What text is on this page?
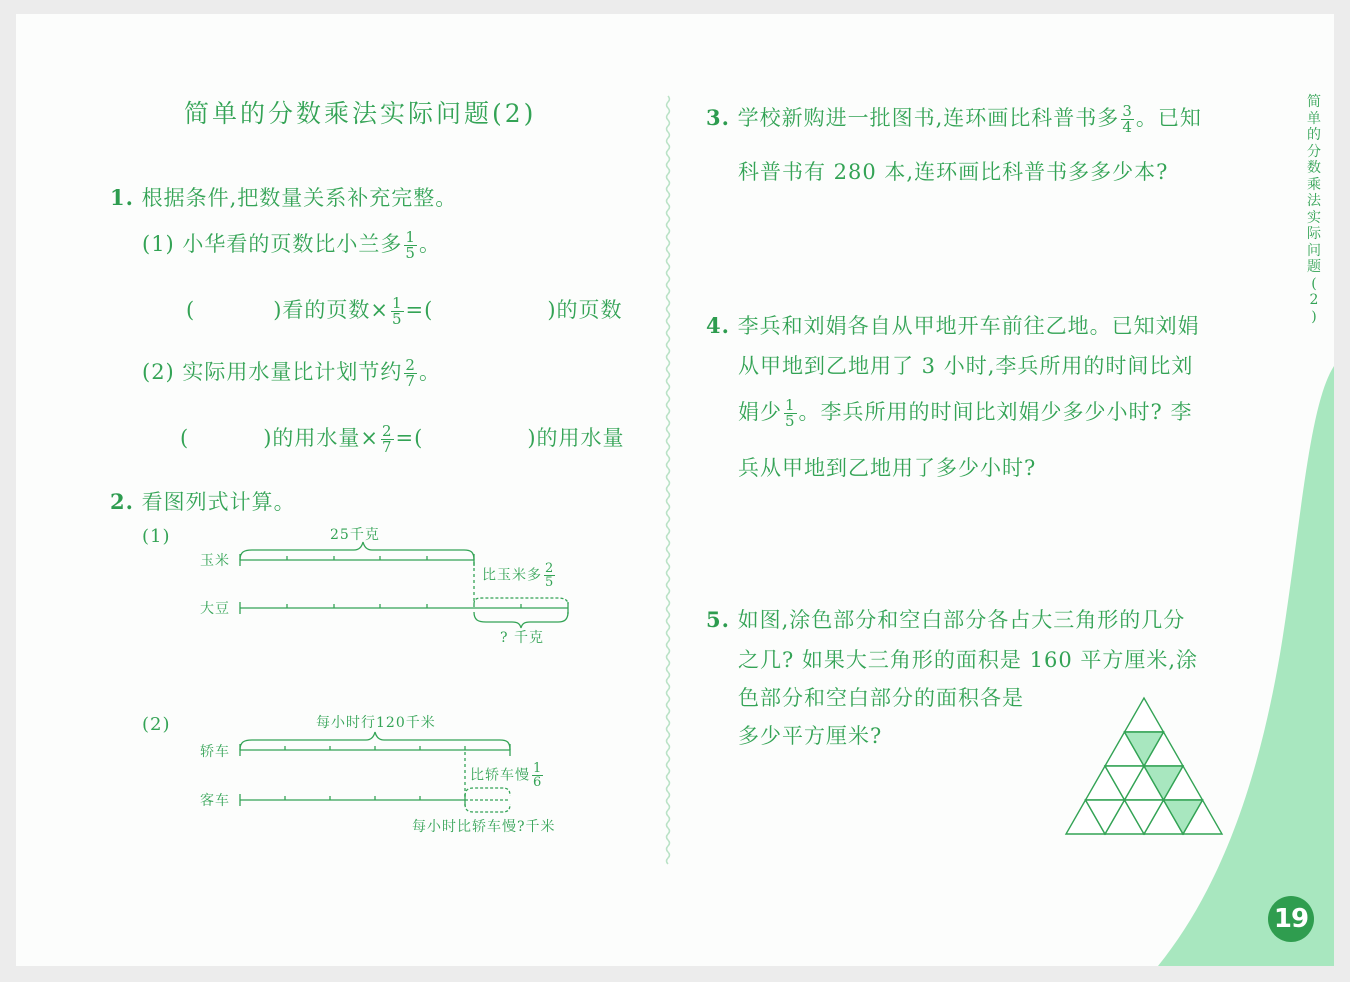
简单的分数乘法实际问题(2)
1. 根据条件,把数量关系补充完整。
(1) 小华看的页数比小兰多 $\frac{1}{5}$ 。
(	)看的页数× $\frac{1}{5}$ =(	)的页数
(2) 实际用水量比计划节约 $\frac{2}{7}$ 。
(	)的用水量× $\frac{2}{7}$ =(	)的用水量
2. 看图列式计算。
(1)	25千克
玉米
大豆
比玉米多 $\frac{2}{5}$
? 千克
(2)	每小时行120千米
轿车
客车
比轿车慢 $\frac{1}{6}$
每小时比轿车慢?千米
3. 学校新购进一批图书,连环画比科普书多 $\frac{3}{4}$ 。已知
科普书有 280 本,连环画比科普书多多少本?
4. 李兵和刘娟各自从甲地开车前往乙地。已知刘娟
从甲地到乙地用了 3 小时,李兵所用的时间比刘
娟少 $\frac{1}{5}$ 。李兵所用的时间比刘娟少多少小时? 李
兵从甲地到乙地用了多少小时?
5. 如图,涂色部分和空白部分各占大三角形的几分
之几? 如果大三角形的面积是 160 平方厘米,涂
色部分和空白部分的面积各是
多少平方厘米?
简
单
的
分
数
乘
法
实
际
问
题
(
2
)
19
